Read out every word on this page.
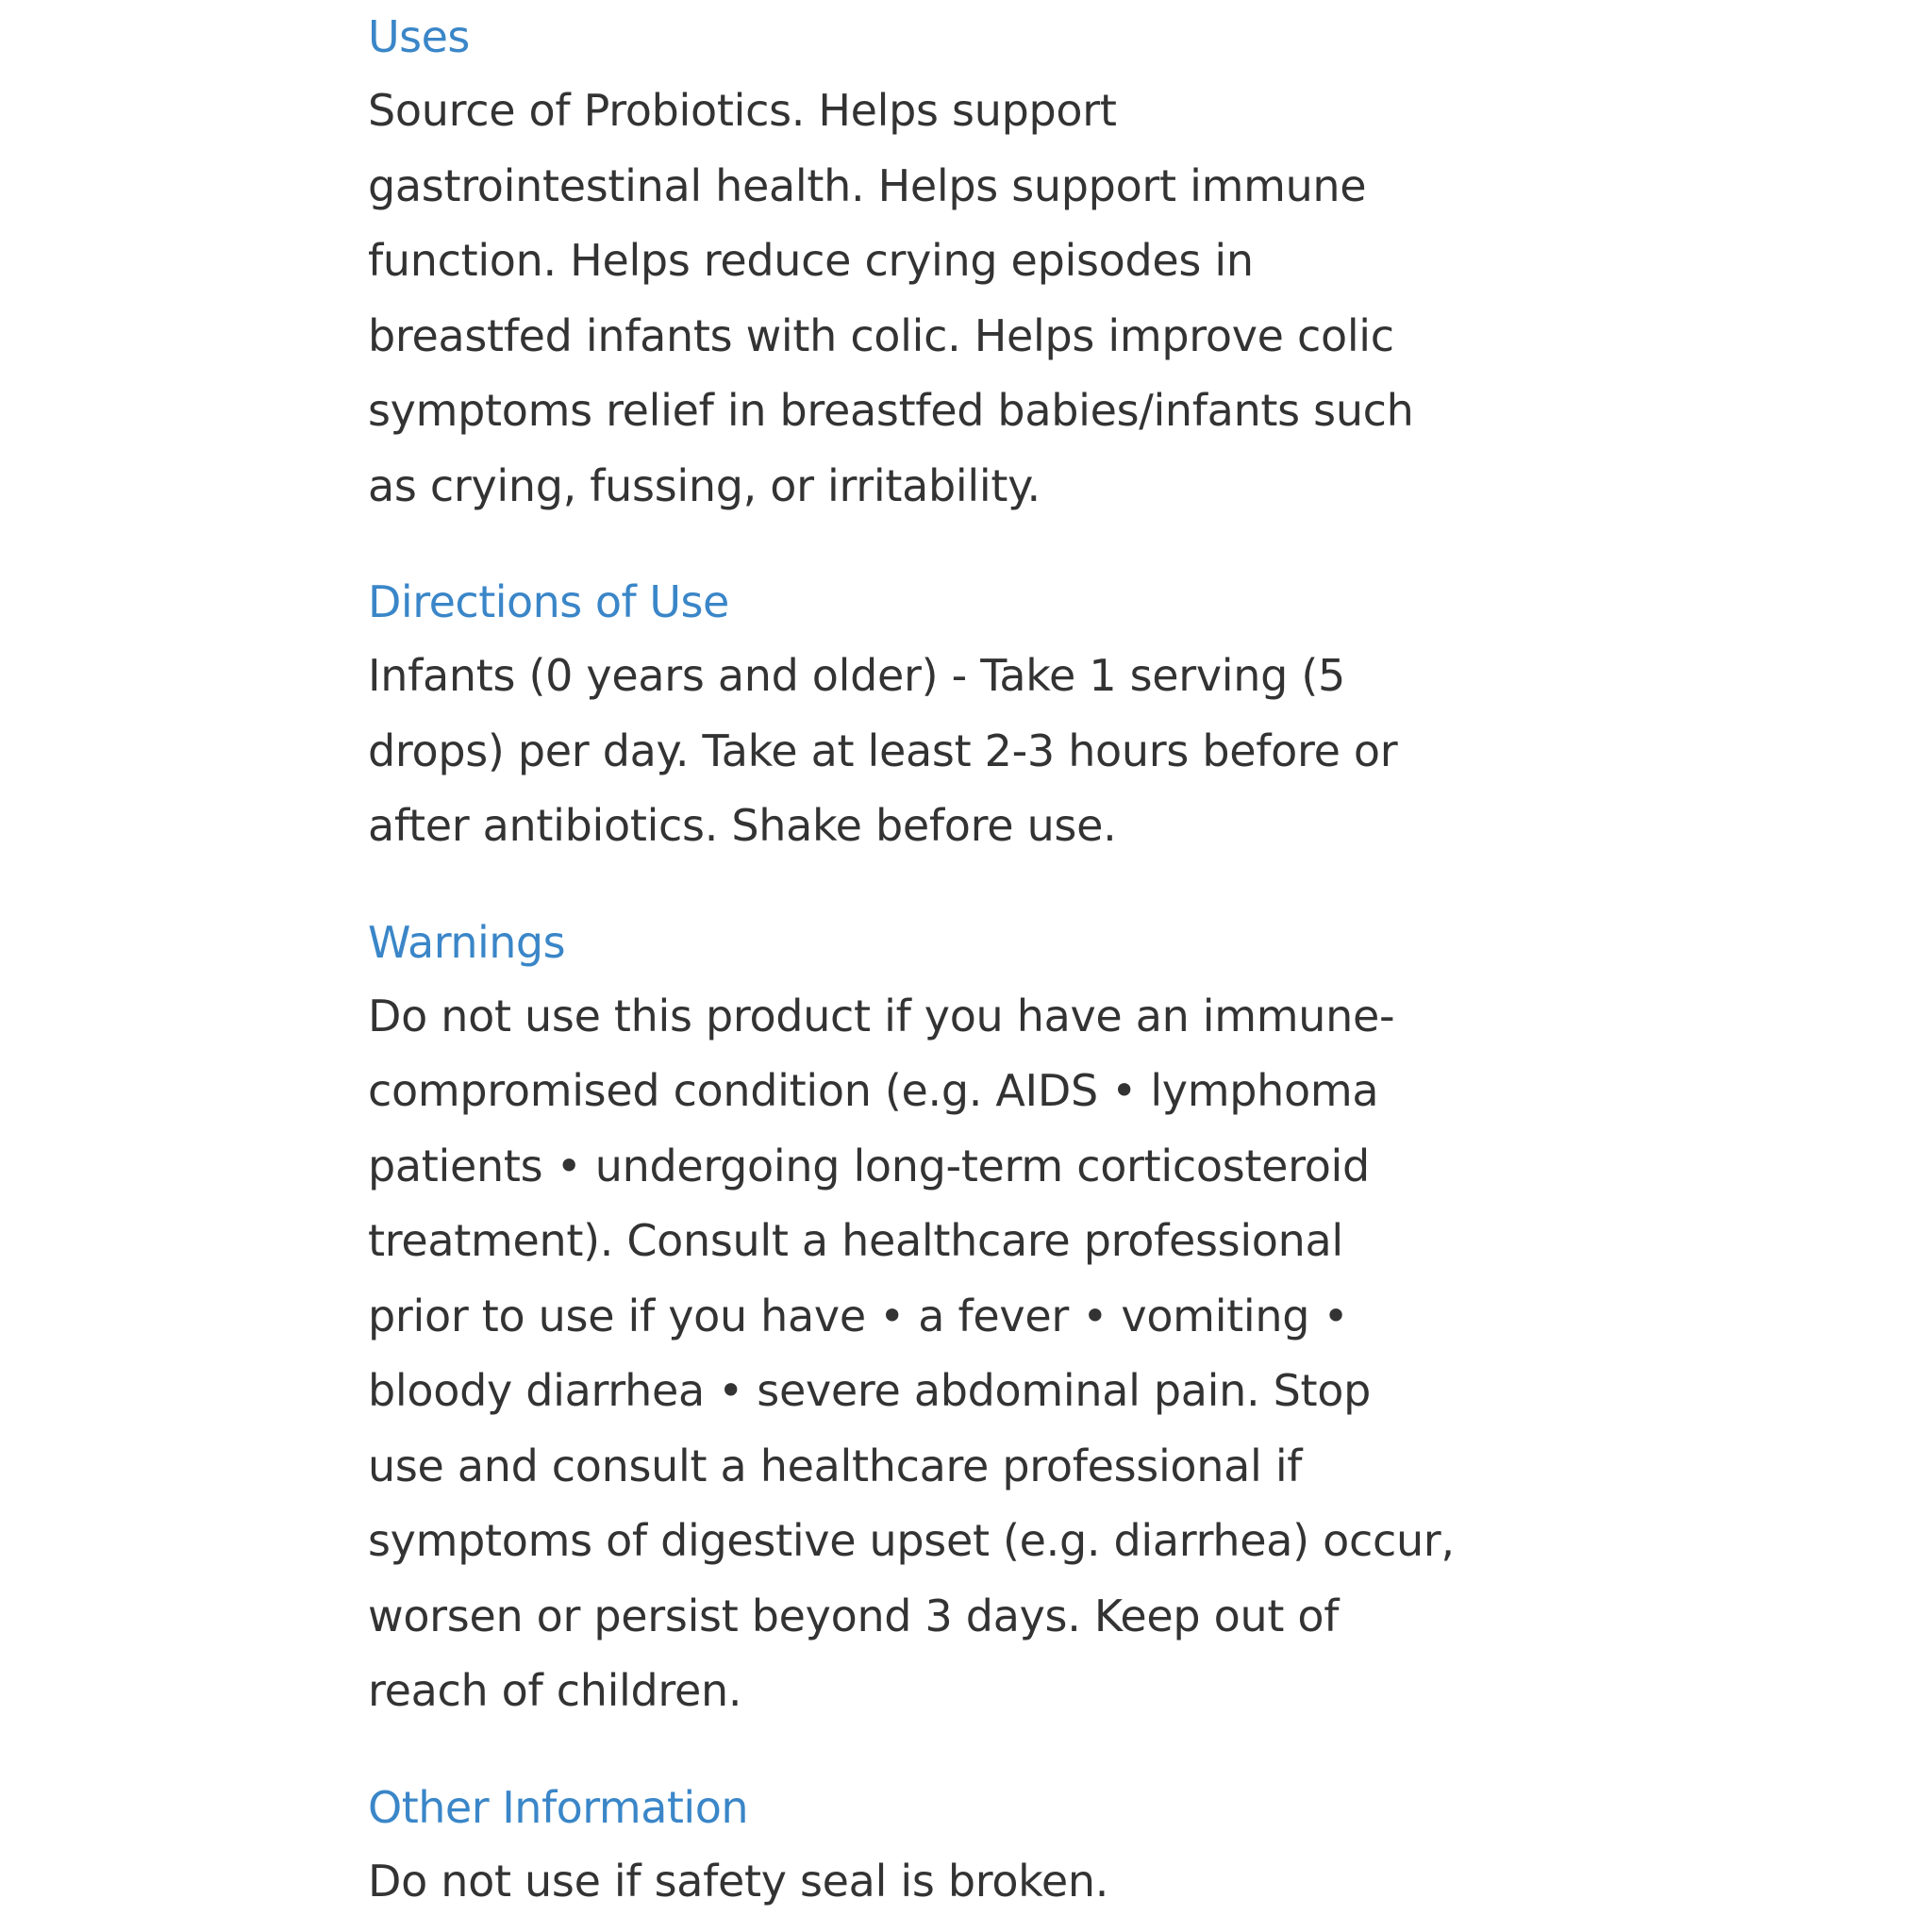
Uses

Source of Probiotics. Helps support
gastrointestinal health. Helps support immune
function. Helps reduce crying episodes in
breastfed infants with colic. Helps improve colic
symptoms relief in breastfed babies/infants such
as crying, fussing, or irritability.

Directions of Use

Infants (0 years and older) - Take 1 serving (5
drops) per day. Take at least 2-3 hours before or
after antibiotics. Shake before use.

Warnings

Do not use this product if you have an immune-
compromised condition (e.g. AIDS • lymphoma
patients • undergoing long-term corticosteroid
treatment). Consult a healthcare professional
prior to use if you have • a fever • vomiting •
bloody diarrhea • severe abdominal pain. Stop
use and consult a healthcare professional if
symptoms of digestive upset (e.g. diarrhea) occur,
worsen or persist beyond 3 days. Keep out of
reach of children.

Other Information

Do not use if safety seal is broken.
